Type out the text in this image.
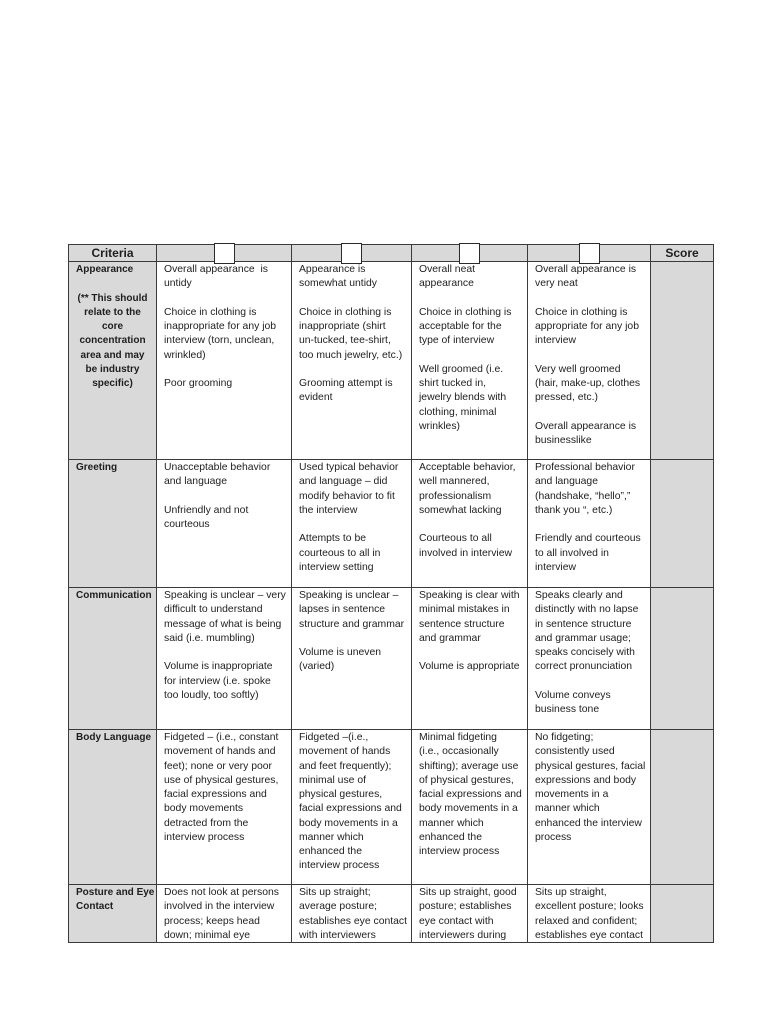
Criteria	Score
Appearance
(** This should
relate to the
core
concentration
area and may
be industry
specific)
Overall appearance  is
untidy
Choice in clothing is
inappropriate for any job
interview (torn, unclean,
wrinkled)
Poor grooming
Appearance is
somewhat untidy
Choice in clothing is
inappropriate (shirt
un-tucked, tee-shirt,
too much jewelry, etc.)
Grooming attempt is
evident
Overall neat
appearance
Choice in clothing is
acceptable for the
type of interview
Well groomed (i.e.
shirt tucked in,
jewelry blends with
clothing, minimal
wrinkles)
Overall appearance is
very neat
Choice in clothing is
appropriate for any job
interview
Very well groomed
(hair, make-up, clothes
pressed, etc.)
Overall appearance is
businesslike
Greeting	Unacceptable behavior
and language
Unfriendly and not
courteous
Used typical behavior
and language – did
modify behavior to fit
the interview
Attempts to be
courteous to all in
interview setting
Acceptable behavior,
well mannered,
professionalism
somewhat lacking
Courteous to all
involved in interview
Professional behavior
and language
(handshake, “hello”,”
thank you “, etc.)
Friendly and courteous
to all involved in
interview
Communication Speaking is unclear – very
difficult to understand
message of what is being
said (i.e. mumbling)
Volume is inappropriate
for interview (i.e. spoke
too loudly, too softly)
Speaking is unclear –
lapses in sentence
structure and grammar
Volume is uneven
(varied)
Speaking is clear with
minimal mistakes in
sentence structure
and grammar
Volume is appropriate
Speaks clearly and
distinctly with no lapse
in sentence structure
and grammar usage;
speaks concisely with
correct pronunciation
Volume conveys
business tone
Body Language Fidgeted – (i.e., constant
movement of hands and
feet); none or very poor
use of physical gestures,
facial expressions and
body movements
detracted from the
interview process
Fidgeted –(i.e.,
movement of hands
and feet frequently);
minimal use of
physical gestures,
facial expressions and
body movements in a
manner which
enhanced the
interview process
Minimal fidgeting
(i.e., occasionally
shifting); average use
of physical gestures,
facial expressions and
body movements in a
manner which
enhanced the
interview process
No fidgeting;
consistently used
physical gestures, facial
expressions and body
movements in a
manner which
enhanced the interview
process
Posture and Eye
Contact
Does not look at persons
involved in the interview
process; keeps head
down; minimal eye
Sits up straight;
average posture;
establishes eye contact
with interviewers
Sits up straight, good
posture; establishes
eye contact with
interviewers during
Sits up straight,
excellent posture; looks
relaxed and confident;
establishes eye contact
